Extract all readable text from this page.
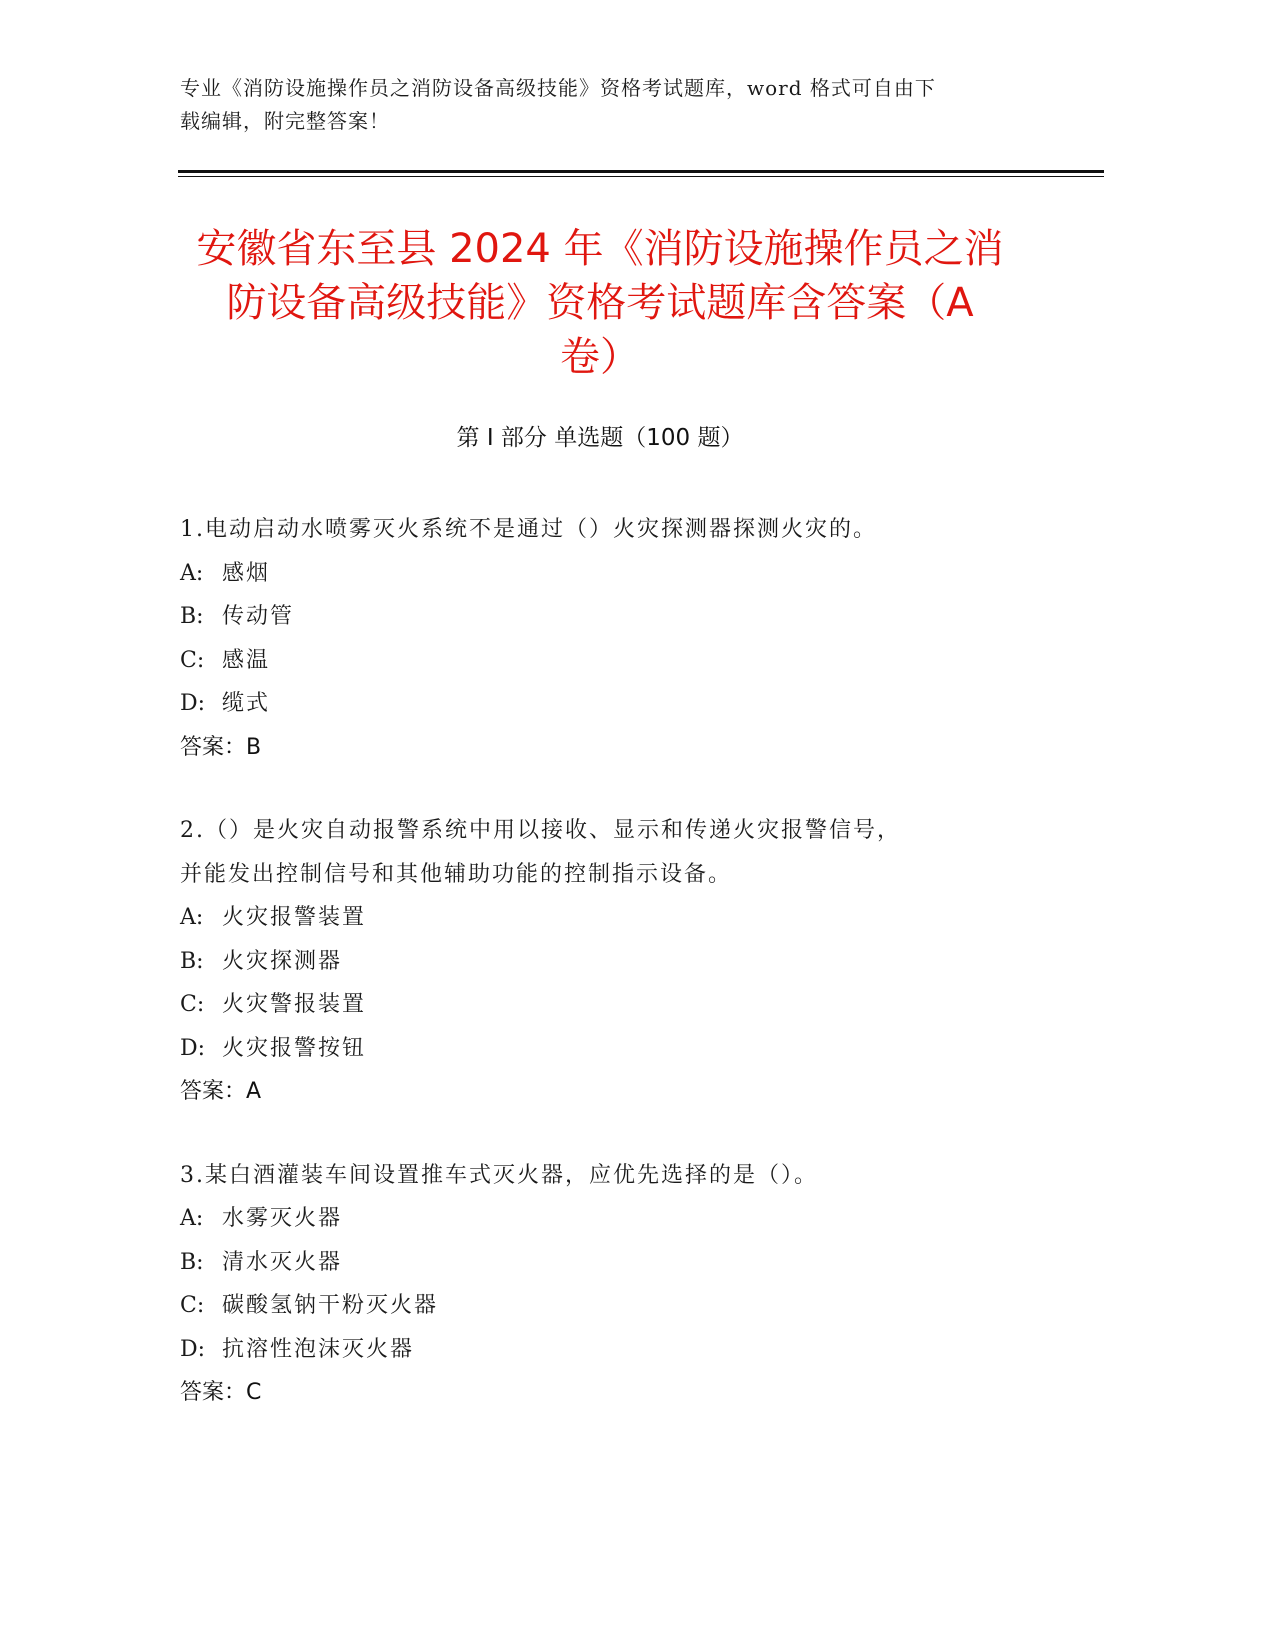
专业《消防设施操作员之消防设备高级技能》资格考试题库，word 格式可自由下
载编辑，附完整答案！
安徽省东至县 2024 年《消防设施操作员之消
防设备高级技能》资格考试题库含答案（A
卷）
第 I 部分 单选题（100 题）
1.电动启动水喷雾灭火系统不是通过（）火灾探测器探测火灾的。
A: 感烟
B: 传动管
C: 感温
D: 缆式
答案：B
2.（）是火灾自动报警系统中用以接收、显示和传递火灾报警信号，
并能发出控制信号和其他辅助功能的控制指示设备。
A: 火灾报警装置
B: 火灾探测器
C: 火灾警报装置
D: 火灾报警按钮
答案：A
3.某白酒灌装车间设置推车式灭火器，应优先选择的是（）。
A: 水雾灭火器
B: 清水灭火器
C: 碳酸氢钠干粉灭火器
D: 抗溶性泡沫灭火器
答案：C
